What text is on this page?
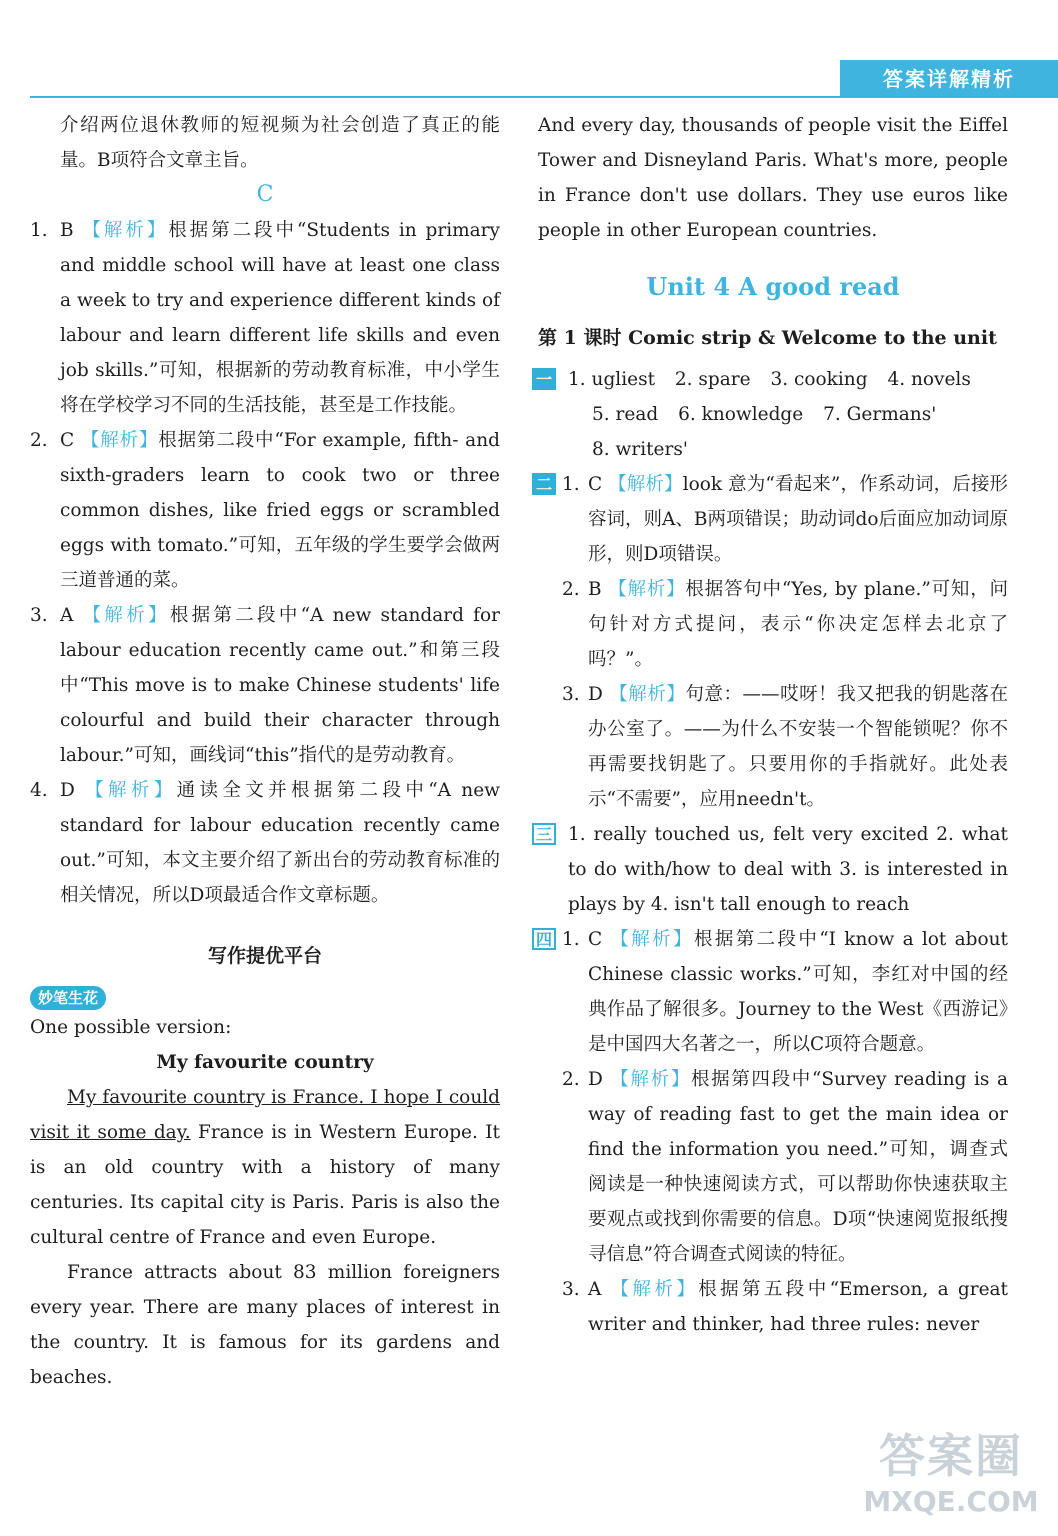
答案详解精析

介绍两位退休教师的短视频为社会创造了真正的能量。B项符合文章主旨。

C

1. B 【解析】根据第二段中“Students in primary and middle school will have at least one class a week to try and experience different kinds of labour and learn different life skills and even job skills.”可知，根据新的劳动教育标准，中小学生将在学校学习不同的生活技能，甚至是工作技能。

2. C 【解析】根据第二段中“For example, fifth- and sixth-graders learn to cook two or three common dishes, like fried eggs or scrambled eggs with tomato.”可知，五年级的学生要学会做两三道普通的菜。

3. A 【解析】根据第二段中“A new standard for labour education recently came out.”和第三段中“This move is to make Chinese students' life colourful and build their character through labour.”可知，画线词“this”指代的是劳动教育。

4. D 【解析】通读全文并根据第二段中“A new standard for labour education recently came out.”可知，本文主要介绍了新出台的劳动教育标准的相关情况，所以D项最适合作文章标题。

写作提优平台
妙笔生花

One possible version:

My favourite country

My favourite country is France. I hope I could visit it some day. France is in Western Europe. It is an old country with a history of many centuries. Its capital city is Paris. Paris is also the cultural centre of France and even Europe.

France attracts about 83 million foreigners every year. There are many places of interest in the country. It is famous for its gardens and beaches.

And every day, thousands of people visit the Eiffel Tower and Disneyland Paris. What's more, people in France don't use dollars. They use euros like people in other European countries.

Unit 4 A good read
第 1 课时 Comic strip & Welcome to the unit
一 1. ugliest 2. spare 3. cooking 4. novels
5. read 6. knowledge 7. Germans'
8. writers'

二 1. C 【解析】look 意为“看起来”，作系动词，后接形容词，则A、B两项错误；助动词do后面应加动词原形，则D项错误。

2. B 【解析】根据答句中“Yes, by plane.”可知，问句针对方式提问，表示“你决定怎样去北京了吗？”。

3. D 【解析】句意：——哎呀！我又把我的钥匙落在办公室了。——为什么不安装一个智能锁呢？你不再需要找钥匙了。只要用你的手指就好。此处表示“不需要”，应用needn't。

三 1. really touched us, felt very excited 2. what to do with/how to deal with 3. is interested in plays by 4. isn't tall enough to reach

四 1. C 【解析】根据第二段中“I know a lot about Chinese classic works.”可知，李红对中国的经典作品了解很多。Journey to the West《西游记》是中国四大名著之一，所以C项符合题意。

2. D 【解析】根据第四段中“Survey reading is a way of reading fast to get the main idea or find the information you need.”可知，调查式阅读是一种快速阅读方式，可以帮助你快速获取主要观点或找到你需要的信息。D项“快速阅览报纸搜寻信息”符合调查式阅读的特征。

3. A 【解析】根据第五段中“Emerson, a great writer and thinker, had three rules: never

答案圈
MXQE.COM
